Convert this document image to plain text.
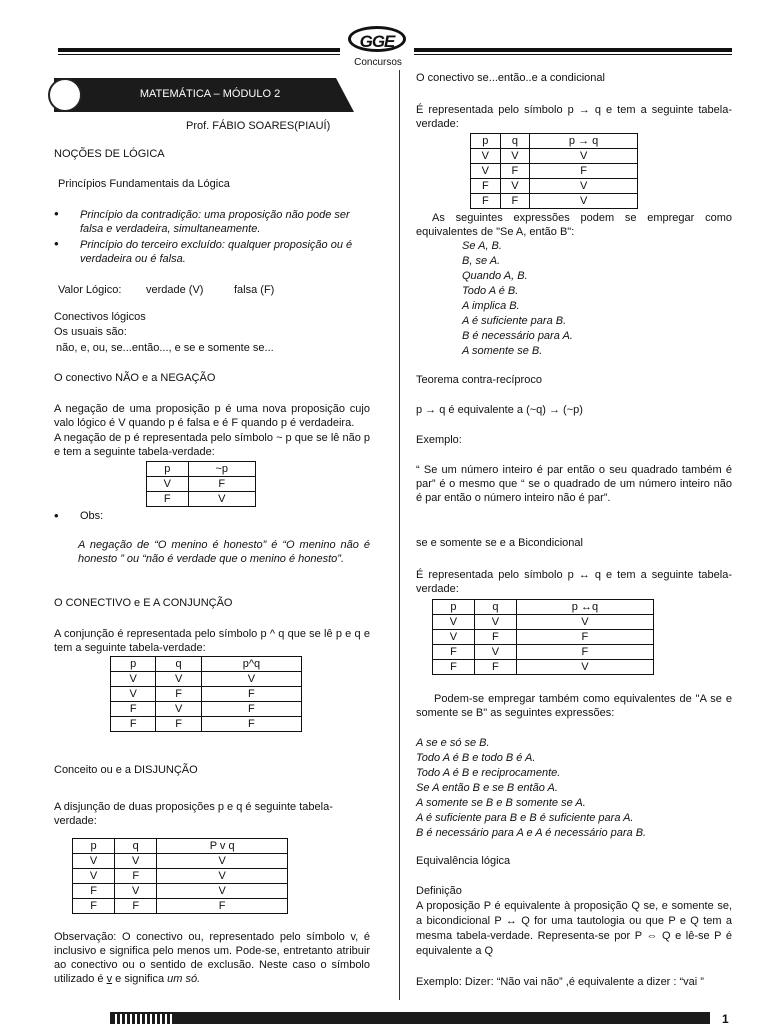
GGE
Concursos
MATEMÁTICA – MÓDULO 2
Prof. FÁBIO SOARES(PIAUÍ)
NOÇÕES DE LÓGICA
Princípios Fundamentais da Lógica
• Princípio da contradição: uma proposição não pode ser falsa e verdadeira, simultaneamente.
• Princípio do terceiro excluído: qualquer proposição ou é verdadeira ou é falsa.
Valor Lógico: verdade (V)	falsa (F)
Conectivos lógicos
Os usuais são:
não, e, ou, se...então..., e se e somente se...
O conectivo NÃO e a NEGAÇÃO

A negação de uma proposição p é uma nova proposição cujo valo lógico é V quando p é falsa e é F quando p é verdadeira.

A negação de p é representada pelo símbolo ~ p que se lê não p e tem a seguinte tabela-verdade:

p	~p
V	F
F	V
• Obs:

A negação de “O menino é honesto” é “O menino não é honesto ” ou “não é verdade que o menino é honesto”.

O CONECTIVO e E A CONJUNÇÃO

A conjunção é representada pelo símbolo p ^ q que se lê p e q e tem a seguinte tabela-verdade:

p	q	p^q
V	V	V
V	F	F
F	V	F
F	F	F
Conceito ou e a DISJUNÇÃO

A disjunção de duas proposições p e q é seguinte tabela-verdade:

p	q	P v q
V	V	V
V	F	V
F	V	V
F	F	F

Observação: O conectivo ou, representado pelo símbolo v, é inclusivo e significa pelo menos um. Pode-se, entretanto atribuir ao conectivo ou o sentido de exclusão. Neste caso o símbolo utilizado é v e significa um só.

O conectivo se...então..e a condicional

É representada pelo símbolo p → q e tem a seguinte tabela-verdade:

p	q	p → q
V	V	V
V	F	F
F	V	V
F	F	V

As seguintes expressões podem se empregar como equivalentes de "Se A, então B":

Se A, B.
B, se A.
Quando A, B.
Todo A é B.
A implica B.
A é suficiente para B.
B é necessário para A.
A somente se B.
Teorema contra-recíproco
p → q é equivalente a (~q) → (~p)
Exemplo:

“ Se um número inteiro é par então o seu quadrado também é par” é o mesmo que “ se o quadrado de um número inteiro não é par então o número inteiro não é par”.

se e somente se e a Bicondicional

É representada pelo símbolo p ↔ q e tem a seguinte tabela-verdade:

p	q	p ↔q
V	V	V
V	F	F
F	V	F
F	F	V

Podem-se empregar também como equivalentes de "A se e somente se B" as seguintes expressões:

A se e só se B.
Todo A é B e todo B é A.
Todo A é B e reciprocamente.
Se A então B e se B então A.
A somente se B e B somente se A.
A é suficiente para B e B é suficiente para A.
B é necessário para A e A é necessário para B.
Equivalência lógica
Definição

A proposição P é equivalente à proposição Q se, e somente se, a bicondicional P ↔ Q for uma tautologia ou que P e Q tem a mesma tabela-verdade. Representa-se por P ⇔ Q e lê-se P é equivalente a Q

Exemplo: Dizer: “Não vai não” ,é equivalente a dizer : “vai ”
1
